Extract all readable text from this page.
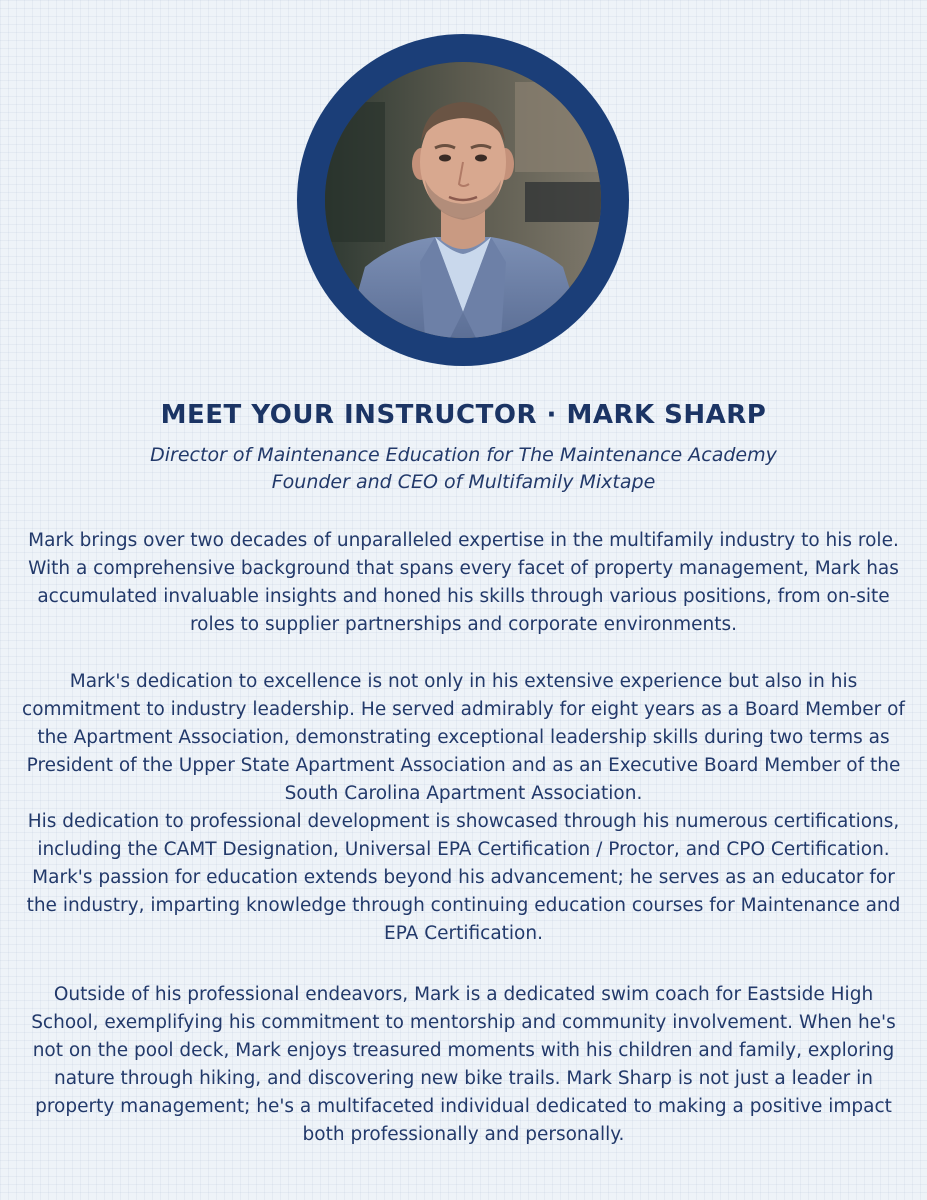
MEET YOUR INSTRUCTOR · MARK SHARP

Director of Maintenance Education for The Maintenance Academy

Founder and CEO of Multifamily Mixtape

Mark brings over two decades of unparalleled expertise in the multifamily industry to his role. With a comprehensive background that spans every facet of property management, Mark has accumulated invaluable insights and honed his skills through various positions, from on-site roles to supplier partnerships and corporate environments.

Mark's dedication to excellence is not only in his extensive experience but also in his commitment to industry leadership. He served admirably for eight years as a Board Member of the Apartment Association, demonstrating exceptional leadership skills during two terms as President of the Upper State Apartment Association and as an Executive Board Member of the South Carolina Apartment Association.
His dedication to professional development is showcased through his numerous certifications, including the CAMT Designation, Universal EPA Certification / Proctor, and CPO Certification. Mark's passion for education extends beyond his advancement; he serves as an educator for the industry, imparting knowledge through continuing education courses for Maintenance and EPA Certification.

Outside of his professional endeavors, Mark is a dedicated swim coach for Eastside High School, exemplifying his commitment to mentorship and community involvement. When he's not on the pool deck, Mark enjoys treasured moments with his children and family, exploring nature through hiking, and discovering new bike trails. Mark Sharp is not just a leader in property management; he's a multifaceted individual dedicated to making a positive impact both professionally and personally.
